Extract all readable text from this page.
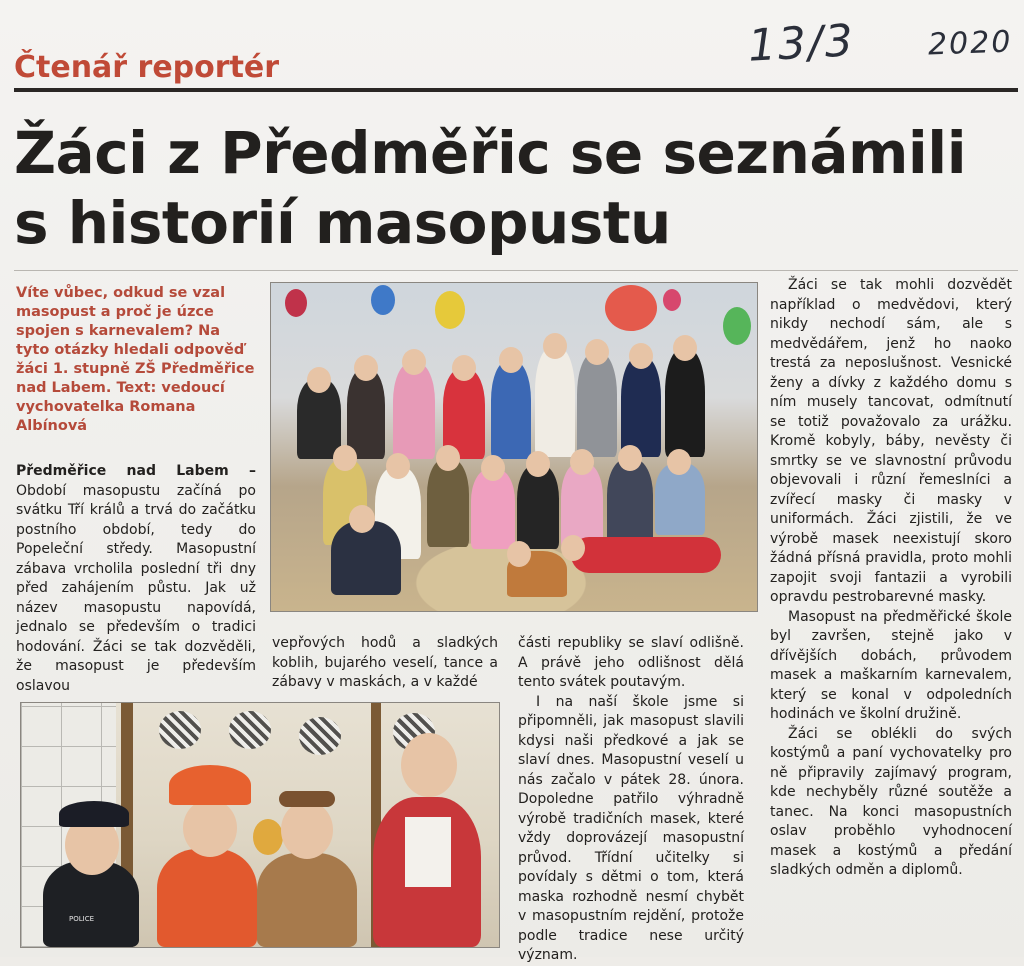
13/3 2020
Čtenář reportér
Žáci z Předměřic se seznámili
s historií masopustu
Víte vůbec, odkud se vzal masopust a proč je úzce spojen s karnevalem? Na tyto otázky hledali odpověď žáci 1. stupně ZŠ Předměřice nad Labem. Text: vedoucí vychovatelka Romana Albínová

Předměřice nad Labem – Období masopustu začíná po svátku Tří králů a trvá do začátku postního období, tedy do Popeleční středy. Masopustní zábava vrcholila poslední tři dny před zahájením půstu. Jak už název masopustu napovídá, jednalo se především o tradici hodování. Žáci se tak dozvěděli, že masopust je především oslavou

vepřových hodů a sladkých koblih, bujarého veselí, tance a zábavy v maskách, a v každé

části republiky se slaví odlišně. A právě jeho odlišnost dělá tento svátek poutavým.

I na naší škole jsme si připomněli, jak masopust slavili kdysi naši předkové a jak se slaví dnes. Masopustní veselí u nás začalo v pátek 28. února. Dopoledne patřilo výhradně výrobě tradičních masek, které vždy doprovázejí masopustní průvod. Třídní učitelky si povídaly s dětmi o tom, která maska rozhodně nesmí chybět v masopustním rejdění, protože podle tradice nese určitý význam.

Žáci se tak mohli dozvědět například o medvědovi, který nikdy nechodí sám, ale s medvědářem, jenž ho naoko trestá za neposlušnost. Vesnické ženy a dívky z každého domu s ním musely tancovat, odmítnutí se totiž považovalo za urážku. Kromě kobyly, báby, nevěsty či smrtky se ve slavnostní průvodu objevovali i různí řemeslníci a zvířecí masky či masky v uniformách. Žáci zjistili, že ve výrobě masek neexistují skoro žádná přísná pravidla, proto mohli zapojit svoji fantazii a vyrobili opravdu pestrobarevné masky.

Masopust na předměřické škole byl završen, stejně jako v dřívějších dobách, průvodem masek a maškarním karnevalem, který se konal v odpoledních hodinách ve školní družině.

Žáci se oblékli do svých kostýmů a paní vychovatelky pro ně připravily zajímavý program, kde nechyběly různé soutěže a tanec. Na konci masopustních oslav proběhlo vyhodnocení masek a kostýmů a předání sladkých odměn a diplomů.

POLICE
